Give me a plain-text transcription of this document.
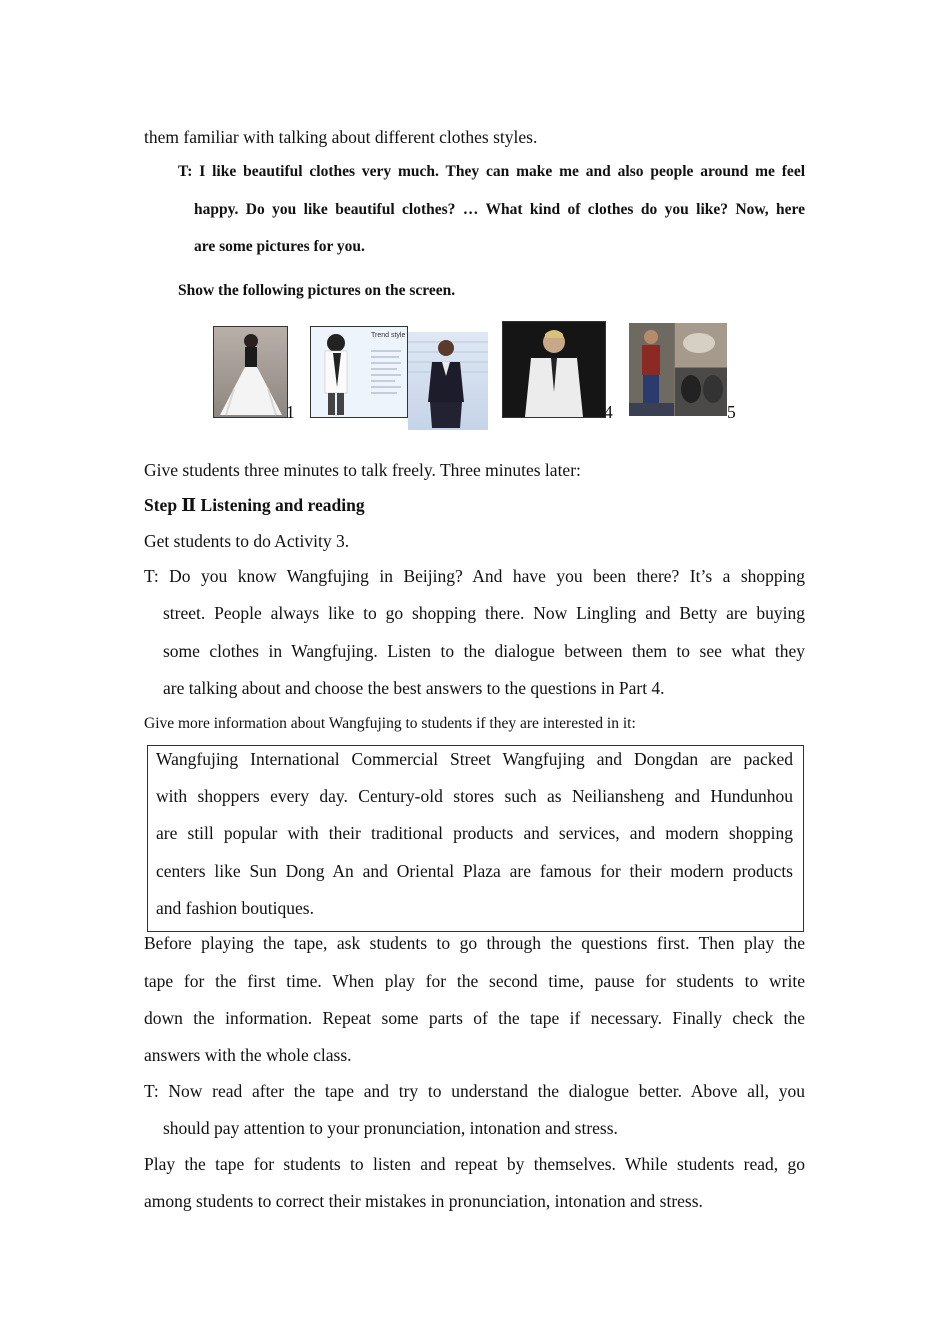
them familiar with talking about different clothes styles.
T: I like beautiful clothes very much. They can make me and also people around me feel
happy. Do you like beautiful clothes? … What kind of clothes do you like? Now, here
are some pictures for you.
Show the following pictures on the screen.
1
Trend style
4	5
Give students three minutes to talk freely. Three minutes later:
Step Ⅱ Listening and reading
Get students to do Activity 3.
T: Do you know Wangfujing in Beijing? And have you been there? It’s a shopping
street. People always like to go shopping there. Now Lingling and Betty are buying
some clothes in Wangfujing. Listen to the dialogue between them to see what they
are talking about and choose the best answers to the questions in Part 4.
Give more information about Wangfujing to students if they are interested in it:
Wangfujing International Commercial Street Wangfujing and Dongdan are packed
with shoppers every day. Century-old stores such as Neiliansheng and Hundunhou
are still popular with their traditional products and services, and modern shopping
centers like Sun Dong An and Oriental Plaza are famous for their modern products
and fashion boutiques.
Before playing the tape, ask students to go through the questions first. Then play the
tape for the first time. When play for the second time, pause for students to write
down the information. Repeat some parts of the tape if necessary. Finally check the
answers with the whole class.
T: Now read after the tape and try to understand the dialogue better. Above all, you
should pay attention to your pronunciation, intonation and stress.
Play the tape for students to listen and repeat by themselves. While students read, go
among students to correct their mistakes in pronunciation, intonation and stress.
